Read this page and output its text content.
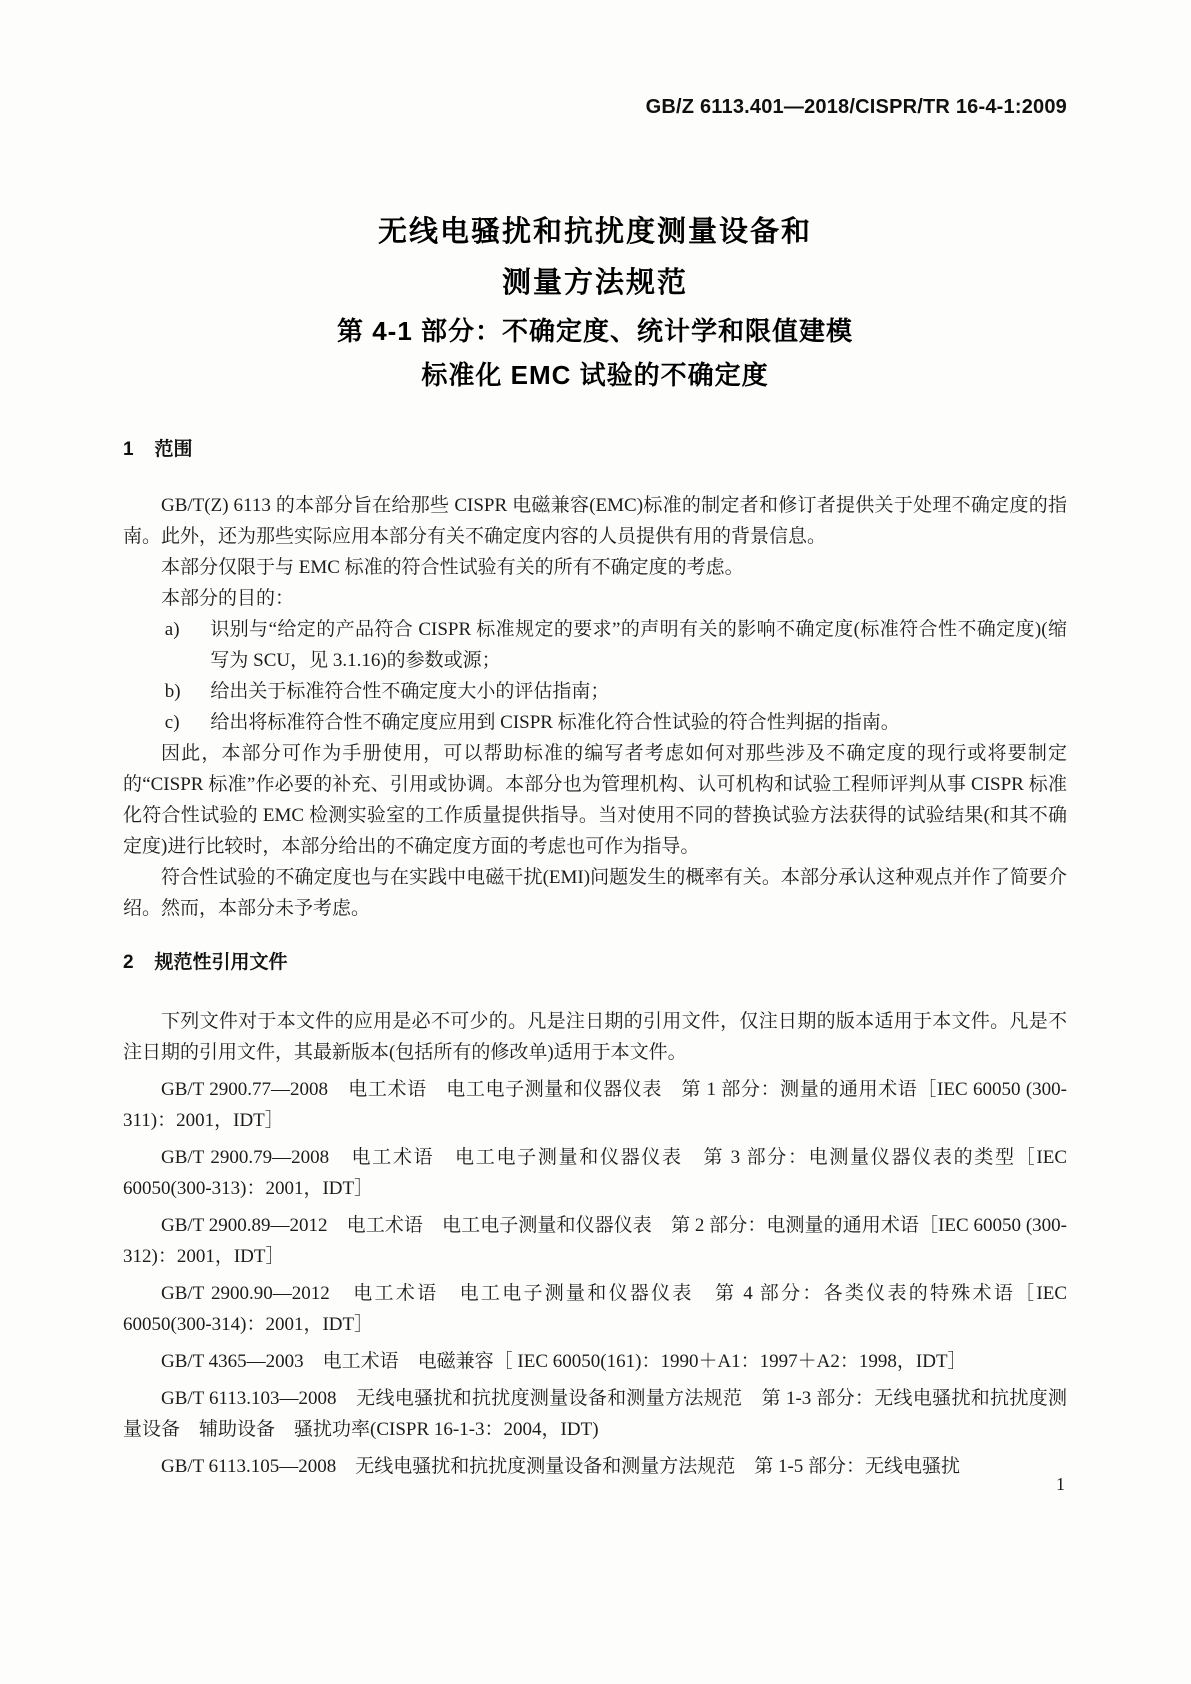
GB/Z 6113.401—2018/CISPR/TR 16-4-1:2009
无线电骚扰和抗扰度测量设备和
测量方法规范
第 4-1 部分：不确定度、统计学和限值建模
标准化 EMC 试验的不确定度
1 范围

GB/T(Z) 6113 的本部分旨在给那些 CISPR 电磁兼容(EMC)标准的制定者和修订者提供关于处理不确定度的指南。此外，还为那些实际应用本部分有关不确定度内容的人员提供有用的背景信息。

本部分仅限于与 EMC 标准的符合性试验有关的所有不确定度的考虑。

本部分的目的：

a) 识别与“给定的产品符合 CISPR 标准规定的要求”的声明有关的影响不确定度(标准符合性不确定度)(缩写为 SCU，见 3.1.16)的参数或源；

b) 给出关于标准符合性不确定度大小的评估指南；

c) 给出将标准符合性不确定度应用到 CISPR 标准化符合性试验的符合性判据的指南。

因此，本部分可作为手册使用，可以帮助标准的编写者考虑如何对那些涉及不确定度的现行或将要制定的“CISPR 标准”作必要的补充、引用或协调。本部分也为管理机构、认可机构和试验工程师评判从事 CISPR 标准化符合性试验的 EMC 检测实验室的工作质量提供指导。当对使用不同的替换试验方法获得的试验结果(和其不确定度)进行比较时，本部分给出的不确定度方面的考虑也可作为指导。

符合性试验的不确定度也与在实践中电磁干扰(EMI)问题发生的概率有关。本部分承认这种观点并作了简要介绍。然而，本部分未予考虑。

2 规范性引用文件

下列文件对于本文件的应用是必不可少的。凡是注日期的引用文件，仅注日期的版本适用于本文件。凡是不注日期的引用文件，其最新版本(包括所有的修改单)适用于本文件。

GB/T 2900.77—2008　电工术语　电工电子测量和仪器仪表　第 1 部分：测量的通用术语［IEC 60050 (300-311)：2001，IDT］

GB/T 2900.79—2008　电工术语　电工电子测量和仪器仪表　第 3 部分：电测量仪器仪表的类型［IEC 60050(300-313)：2001，IDT］

GB/T 2900.89—2012　电工术语　电工电子测量和仪器仪表　第 2 部分：电测量的通用术语［IEC 60050 (300-312)：2001，IDT］

GB/T 2900.90—2012　电工术语　电工电子测量和仪器仪表　第 4 部分：各类仪表的特殊术语［IEC 60050(300-314)：2001，IDT］

GB/T 4365—2003　电工术语　电磁兼容［ IEC 60050(161)：1990＋A1：1997＋A2：1998，IDT］

GB/T 6113.103—2008　无线电骚扰和抗扰度测量设备和测量方法规范　第 1-3 部分：无线电骚扰和抗扰度测量设备　辅助设备　骚扰功率(CISPR 16-1-3：2004，IDT)

GB/T 6113.105—2008　无线电骚扰和抗扰度测量设备和测量方法规范　第 1-5 部分：无线电骚扰

1
